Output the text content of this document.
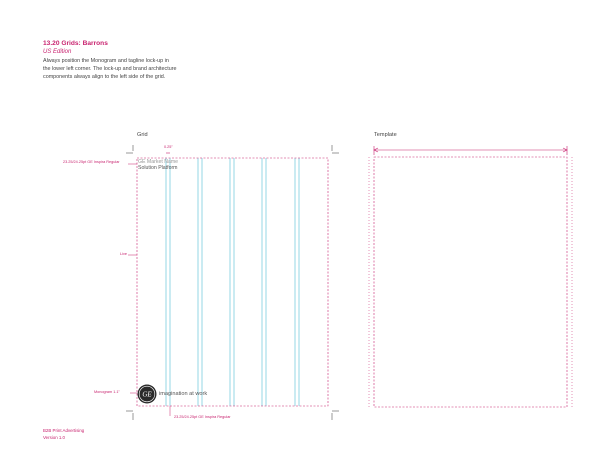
13.20 Grids: Barrons
US Edition
Always position the Monogram and tagline lock-up in
the lower left corner. The lock-up and brand architecture
components always align to the left side of the grid.
Grid	Template
GE
23.25/24.25pt GE Inspira Regular
Live
Monogram 1.1"
0.25"
23.25/24.25pt GE Inspira Regular
GE Market Name
Solution Platform
imagination at work
B2B Print Advertising
Version 1.0
